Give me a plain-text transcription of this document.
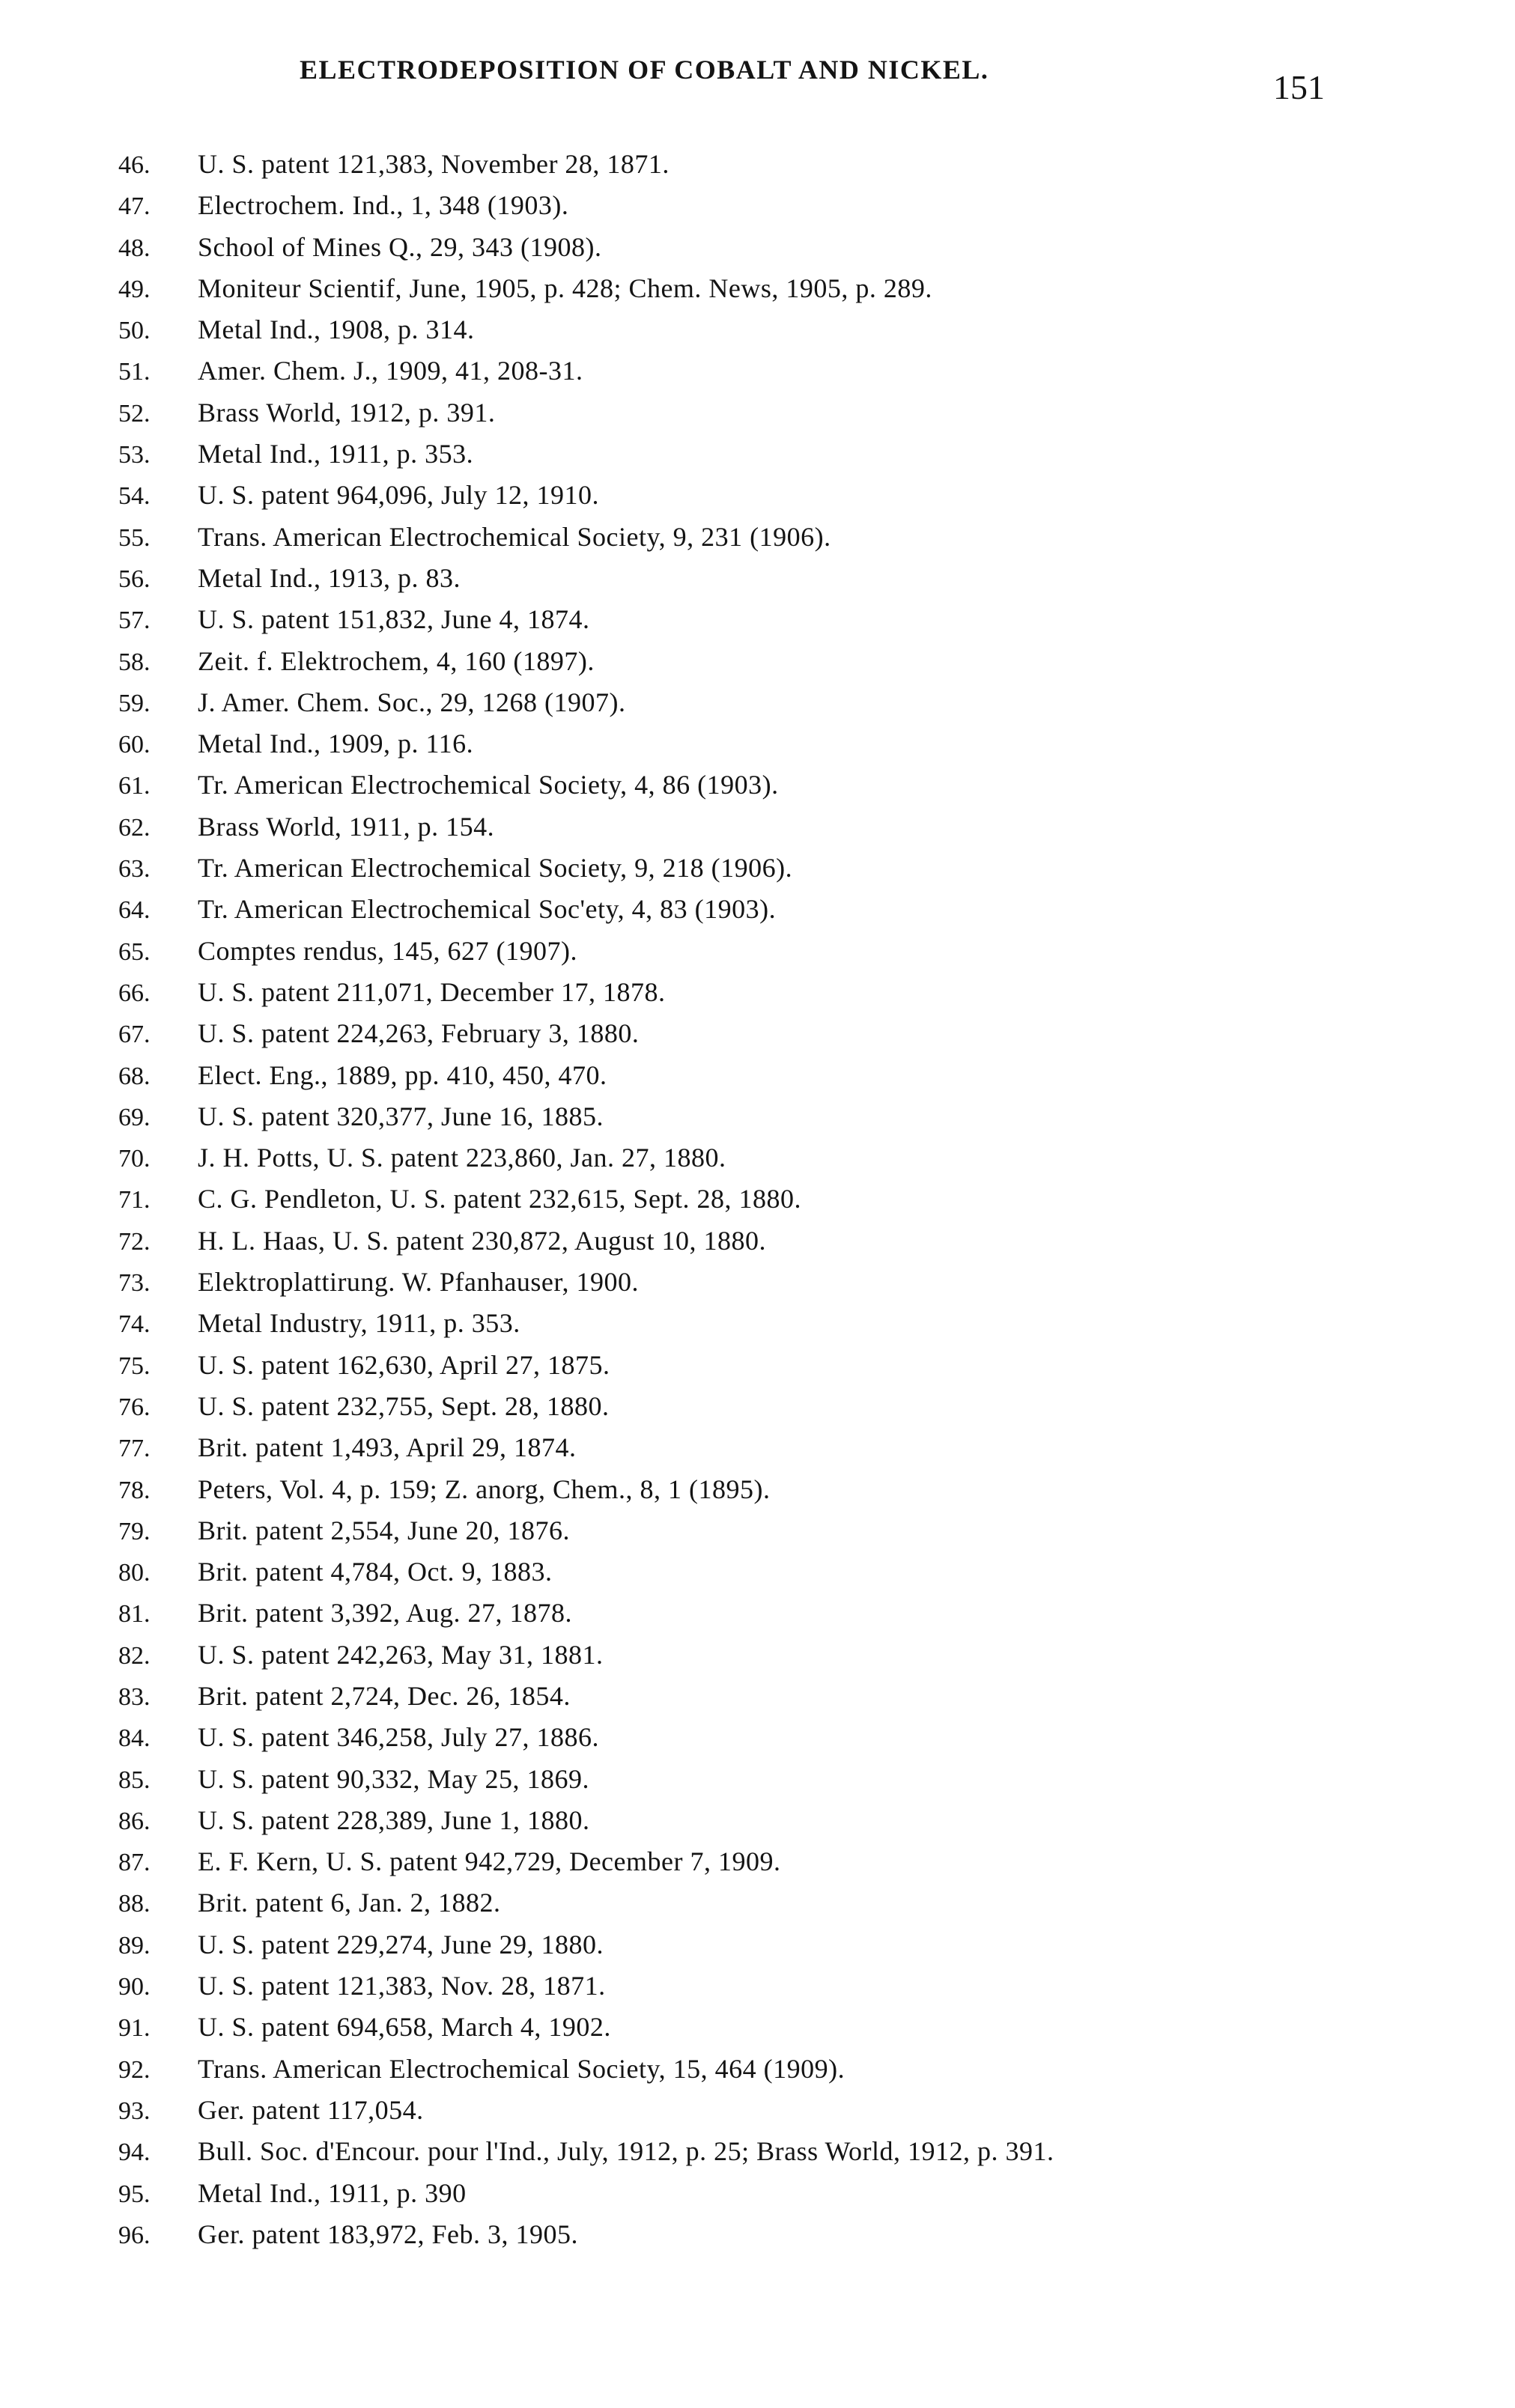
ELECTRODEPOSITION OF COBALT AND NICKEL.	151
46. U. S. patent 121,383, November 28, 1871.
47. Electrochem. Ind., 1, 348 (1903).
48. School of Mines Q., 29, 343 (1908).
49. Moniteur Scientif, June, 1905, p. 428; Chem. News, 1905, p. 289.
50. Metal Ind., 1908, p. 314.
51. Amer. Chem. J., 1909, 41, 208-31.
52. Brass World, 1912, p. 391.
53. Metal Ind., 1911, p. 353.
54. U. S. patent 964,096, July 12, 1910.
55. Trans. American Electrochemical Society, 9, 231 (1906).
56. Metal Ind., 1913, p. 83.
57. U. S. patent 151,832, June 4, 1874.
58. Zeit. f. Elektrochem, 4, 160 (1897).
59. J. Amer. Chem. Soc., 29, 1268 (1907).
60. Metal Ind., 1909, p. 116.
61. Tr. American Electrochemical Society, 4, 86 (1903).
62. Brass World, 1911, p. 154.
63. Tr. American Electrochemical Society, 9, 218 (1906).
64. Tr. American Electrochemical Soc'ety, 4, 83 (1903).
65. Comptes rendus, 145, 627 (1907).
66. U. S. patent 211,071, December 17, 1878.
67. U. S. patent 224,263, February 3, 1880.
68. Elect. Eng., 1889, pp. 410, 450, 470.
69. U. S. patent 320,377, June 16, 1885.
70. J. H. Potts, U. S. patent 223,860, Jan. 27, 1880.
71. C. G. Pendleton, U. S. patent 232,615, Sept. 28, 1880.
72. H. L. Haas, U. S. patent 230,872, August 10, 1880.
73. Elektroplattirung. W. Pfanhauser, 1900.
74. Metal Industry, 1911, p. 353.
75. U. S. patent 162,630, April 27, 1875.
76. U. S. patent 232,755, Sept. 28, 1880.
77. Brit. patent 1,493, April 29, 1874.
78. Peters, Vol. 4, p. 159; Z. anorg, Chem., 8, 1 (1895).
79. Brit. patent 2,554, June 20, 1876.
80. Brit. patent 4,784, Oct. 9, 1883.
81. Brit. patent 3,392, Aug. 27, 1878.
82. U. S. patent 242,263, May 31, 1881.
83. Brit. patent 2,724, Dec. 26, 1854.
84. U. S. patent 346,258, July 27, 1886.
85. U. S. patent 90,332, May 25, 1869.
86. U. S. patent 228,389, June 1, 1880.
87. E. F. Kern, U. S. patent 942,729, December 7, 1909.
88. Brit. patent 6, Jan. 2, 1882.
89. U. S. patent 229,274, June 29, 1880.
90. U. S. patent 121,383, Nov. 28, 1871.
91. U. S. patent 694,658, March 4, 1902.
92. Trans. American Electrochemical Society, 15, 464 (1909).
93. Ger. patent 117,054.
94. Bull. Soc. d'Encour. pour l'Ind., July, 1912, p. 25; Brass World, 1912, p. 391.
95. Metal Ind., 1911, p. 390
96. Ger. patent 183,972, Feb. 3, 1905.
